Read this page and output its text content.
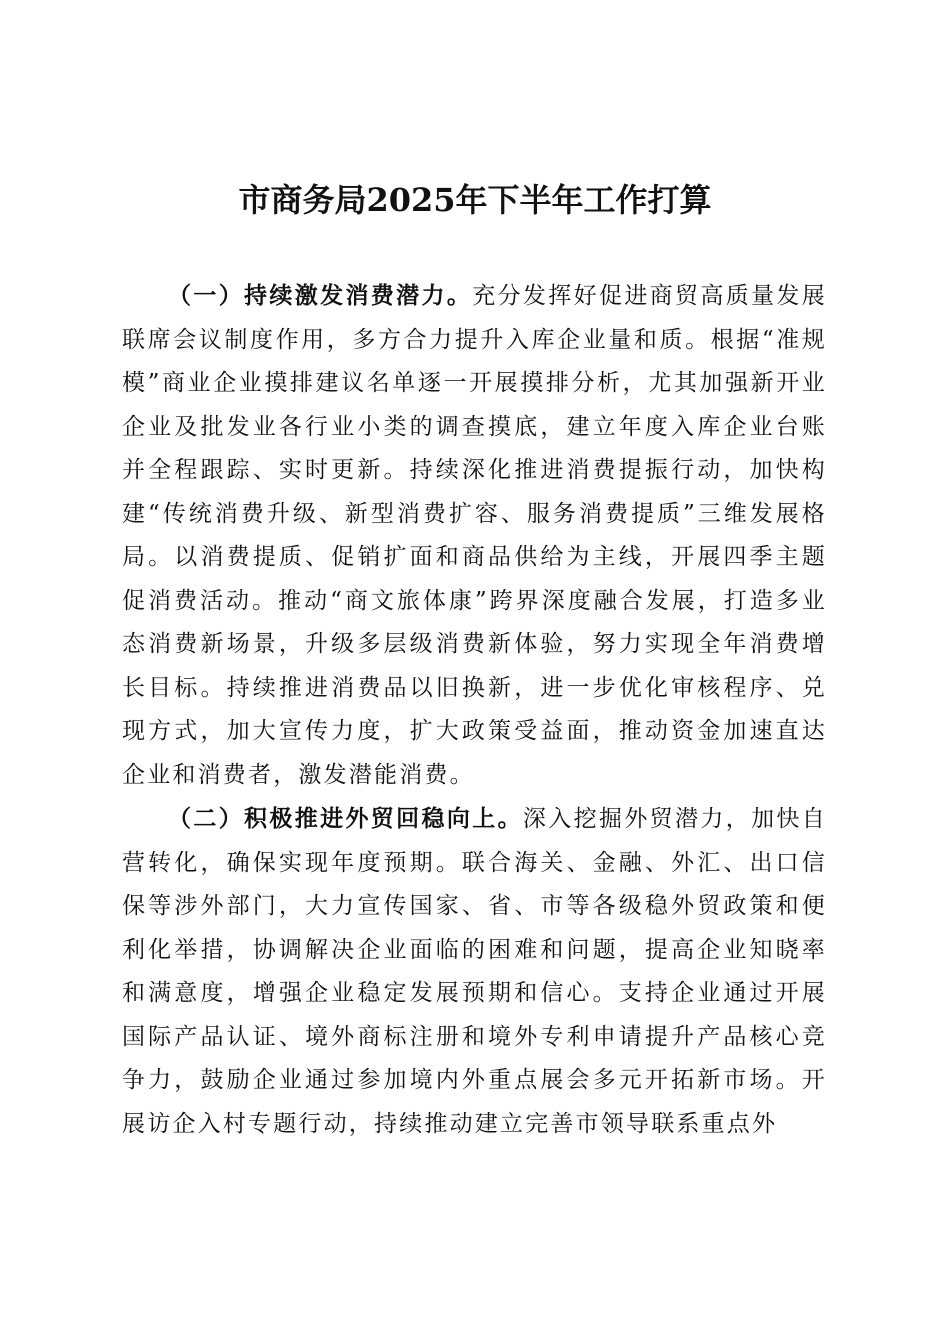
市商务局2025年下半年工作打算

（一）持续激发消费潜力。充分发挥好促进商贸高质量发展联席会议制度作用，多方合力提升入库企业量和质。根据“准规模”商业企业摸排建议名单逐一开展摸排分析，尤其加强新开业企业及批发业各行业小类的调查摸底，建立年度入库企业台账并全程跟踪、实时更新。持续深化推进消费提振行动，加快构建“传统消费升级、新型消费扩容、服务消费提质”三维发展格局。以消费提质、促销扩面和商品供给为主线，开展四季主题促消费活动。推动“商文旅体康”跨界深度融合发展，打造多业态消费新场景，升级多层级消费新体验，努力实现全年消费增长目标。持续推进消费品以旧换新，进一步优化审核程序、兑现方式，加大宣传力度，扩大政策受益面，推动资金加速直达企业和消费者，激发潜能消费。

（二）积极推进外贸回稳向上。深入挖掘外贸潜力，加快自营转化，确保实现年度预期。联合海关、金融、外汇、出口信保等涉外部门，大力宣传国家、省、市等各级稳外贸政策和便利化举措，协调解决企业面临的困难和问题，提高企业知晓率和满意度，增强企业稳定发展预期和信心。支持企业通过开展国际产品认证、境外商标注册和境外专利申请提升产品核心竞争力，鼓励企业通过参加境内外重点展会多元开拓新市场。开展访企入村专题行动，持续推动建立完善市领导联系重点外
